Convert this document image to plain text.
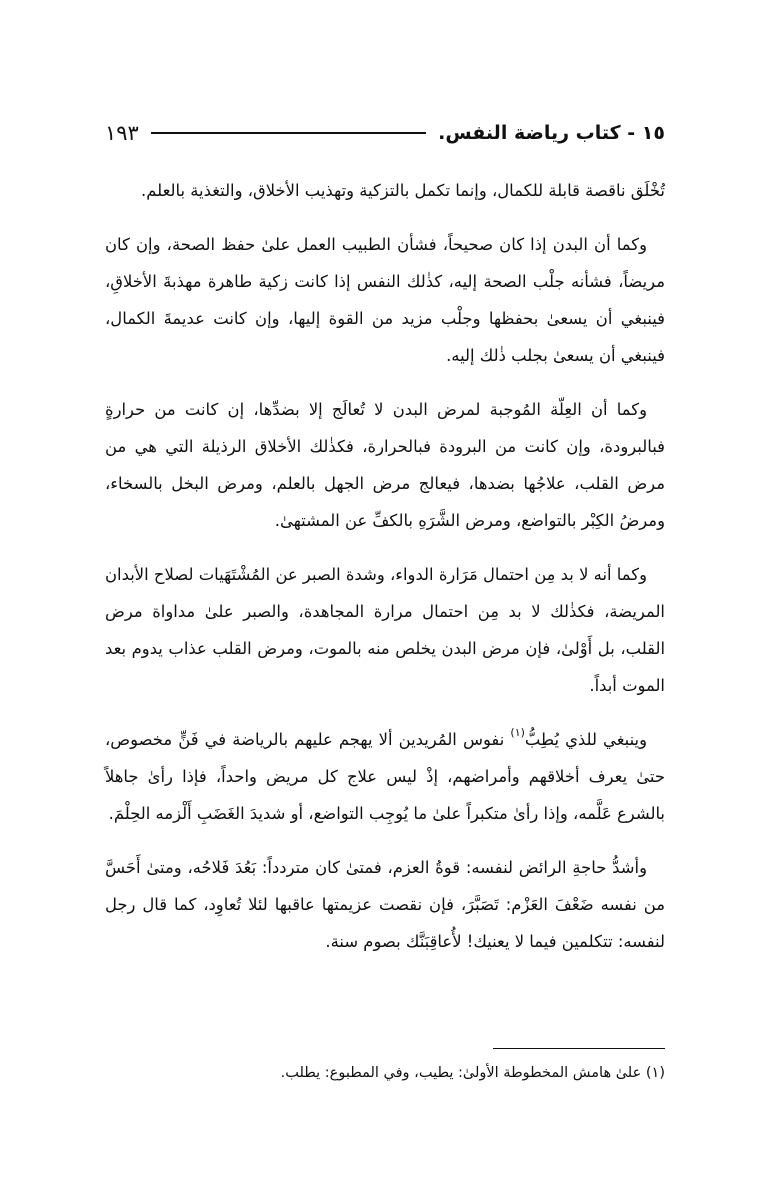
١٥ - كتاب رياضة النفس.
١٩٣

تُخْلَق ناقصة قابلة للكمال، وإنما تكمل بالتزكية وتهذيب الأخلاق، والتغذية بالعلم.

وكما أن البدن إذا كان صحيحاً، فشأن الطبيب العمل علىٰ حفظ الصحة، وإن كان مريضاً، فشأنه جلْب الصحة إليه، كذٰلك النفس إذا كانت زكية طاهرة مهذبةَ الأخلاقِ، فينبغي أن يسعىٰ بحفظها وجلْب مزيد من القوة إليها، وإن كانت عديمةَ الكمال، فينبغي أن يسعىٰ بجلب ذٰلك إليه.

وكما أن العِلّة المُوجبة لمرض البدن لا تُعالَج إلا بضدِّها، إن كانت من حرارةٍ فبالبرودة، وإن كانت من البرودة فبالحرارة، فكذٰلك الأخلاق الرذيلة التي هي من مرض القلب، علاجُها بضدها، فيعالج مرض الجهل بالعلم، ومرض البخل بالسخاء، ومرضُ الكِبْر بالتواضع، ومرض الشَّرَهِ بالكفِّ عن المشتهىٰ.

وكما أنه لا بد مِن احتمال مَرَارة الدواء، وشدة الصبر عن المُشْتَهَيات لصلاح الأبدان المريضة، فكذٰلك لا بد مِن احتمال مرارة المجاهدة، والصبر علىٰ مداواة مرض القلب، بل أَوْلىٰ، فإن مرض البدن يخلص منه بالموت، ومرض القلب عذاب يدوم بعد الموت أبداً.

وينبغي للذي يُطِبُّ$^{(١)}$ نفوس المُريدين ألا يهجم عليهم بالرياضة في فَنٍّ مخصوص، حتىٰ يعرف أخلاقهم وأمراضهم، إذْ ليس علاج كل مريض واحداً، فإذا رأىٰ جاهلاً بالشرع عَلَّمه، وإذا رأىٰ متكبراً علىٰ ما يُوجِب التواضع، أو شديدَ الغَضَبِ أَلْزمه الحِلْمَ.

وأشدُّ حاجةِ الرائض لنفسه: قوةُ العزم، فمتىٰ كان متردداً: بَعُدَ فَلاحُه، ومتىٰ أَحَسَّ من نفسه ضَعْفَ العَزْم: تَصَبَّرَ، فإن نقصت عزيمتها عاقبها لئلا تُعاوِد، كما قال رجل لنفسه: تتكلمين فيما لا يعنيك! لأُعاقِبَنَّك بصوم سنة.

(١) علىٰ هامش المخطوطة الأولىٰ: يطيب، وفي المطبوع: يطلب.
